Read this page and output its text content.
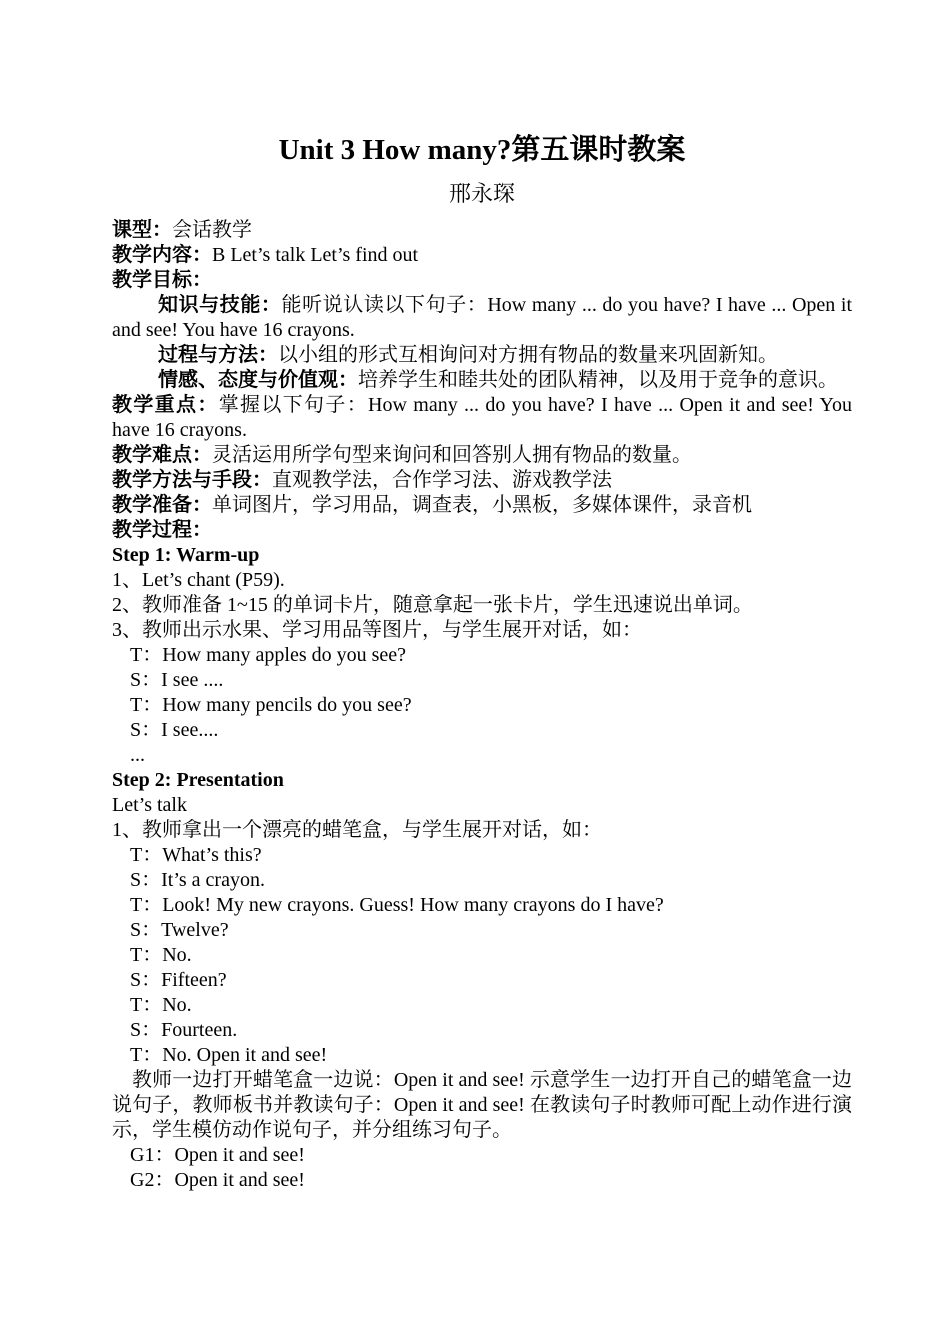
Unit 3 How many?第五课时教案
邢永琛
课型：会话教学
教学内容：B Let’s talk Let’s find out
教学目标：
知识与技能：能听说认读以下句子：How many ... do you have? I have ... Open it and see! You have 16 crayons.
过程与方法：以小组的形式互相询问对方拥有物品的数量来巩固新知。
情感、态度与价值观：培养学生和睦共处的团队精神，以及用于竞争的意识。
教学重点：掌握以下句子：How many ... do you have? I have ... Open it and see! You have 16 crayons.
教学难点：灵活运用所学句型来询问和回答别人拥有物品的数量。
教学方法与手段：直观教学法，合作学习法、游戏教学法
教学准备：单词图片，学习用品，调查表，小黑板，多媒体课件，录音机
教学过程：
Step 1: Warm-up
1、Let’s chant (P59).
2、教师准备 1~15 的单词卡片，随意拿起一张卡片，学生迅速说出单词。
3、教师出示水果、学习用品等图片，与学生展开对话，如：
T：How many apples do you see?
S：I see ....
T：How many pencils do you see?
S：I see....
...
Step 2: Presentation
Let’s talk
1、教师拿出一个漂亮的蜡笔盒，与学生展开对话，如：
T：What’s this?
S：It’s a crayon.
T：Look! My new crayons. Guess! How many crayons do I have?
S：Twelve?
T：No.
S：Fifteen?
T：No.
S：Fourteen.
T：No. Open it and see!
教师一边打开蜡笔盒一边说：Open it and see! 示意学生一边打开自己的蜡笔盒一边说句子，教师板书并教读句子：Open it and see! 在教读句子时教师可配上动作进行演示，学生模仿动作说句子，并分组练习句子。
G1：Open it and see!
G2：Open it and see!
